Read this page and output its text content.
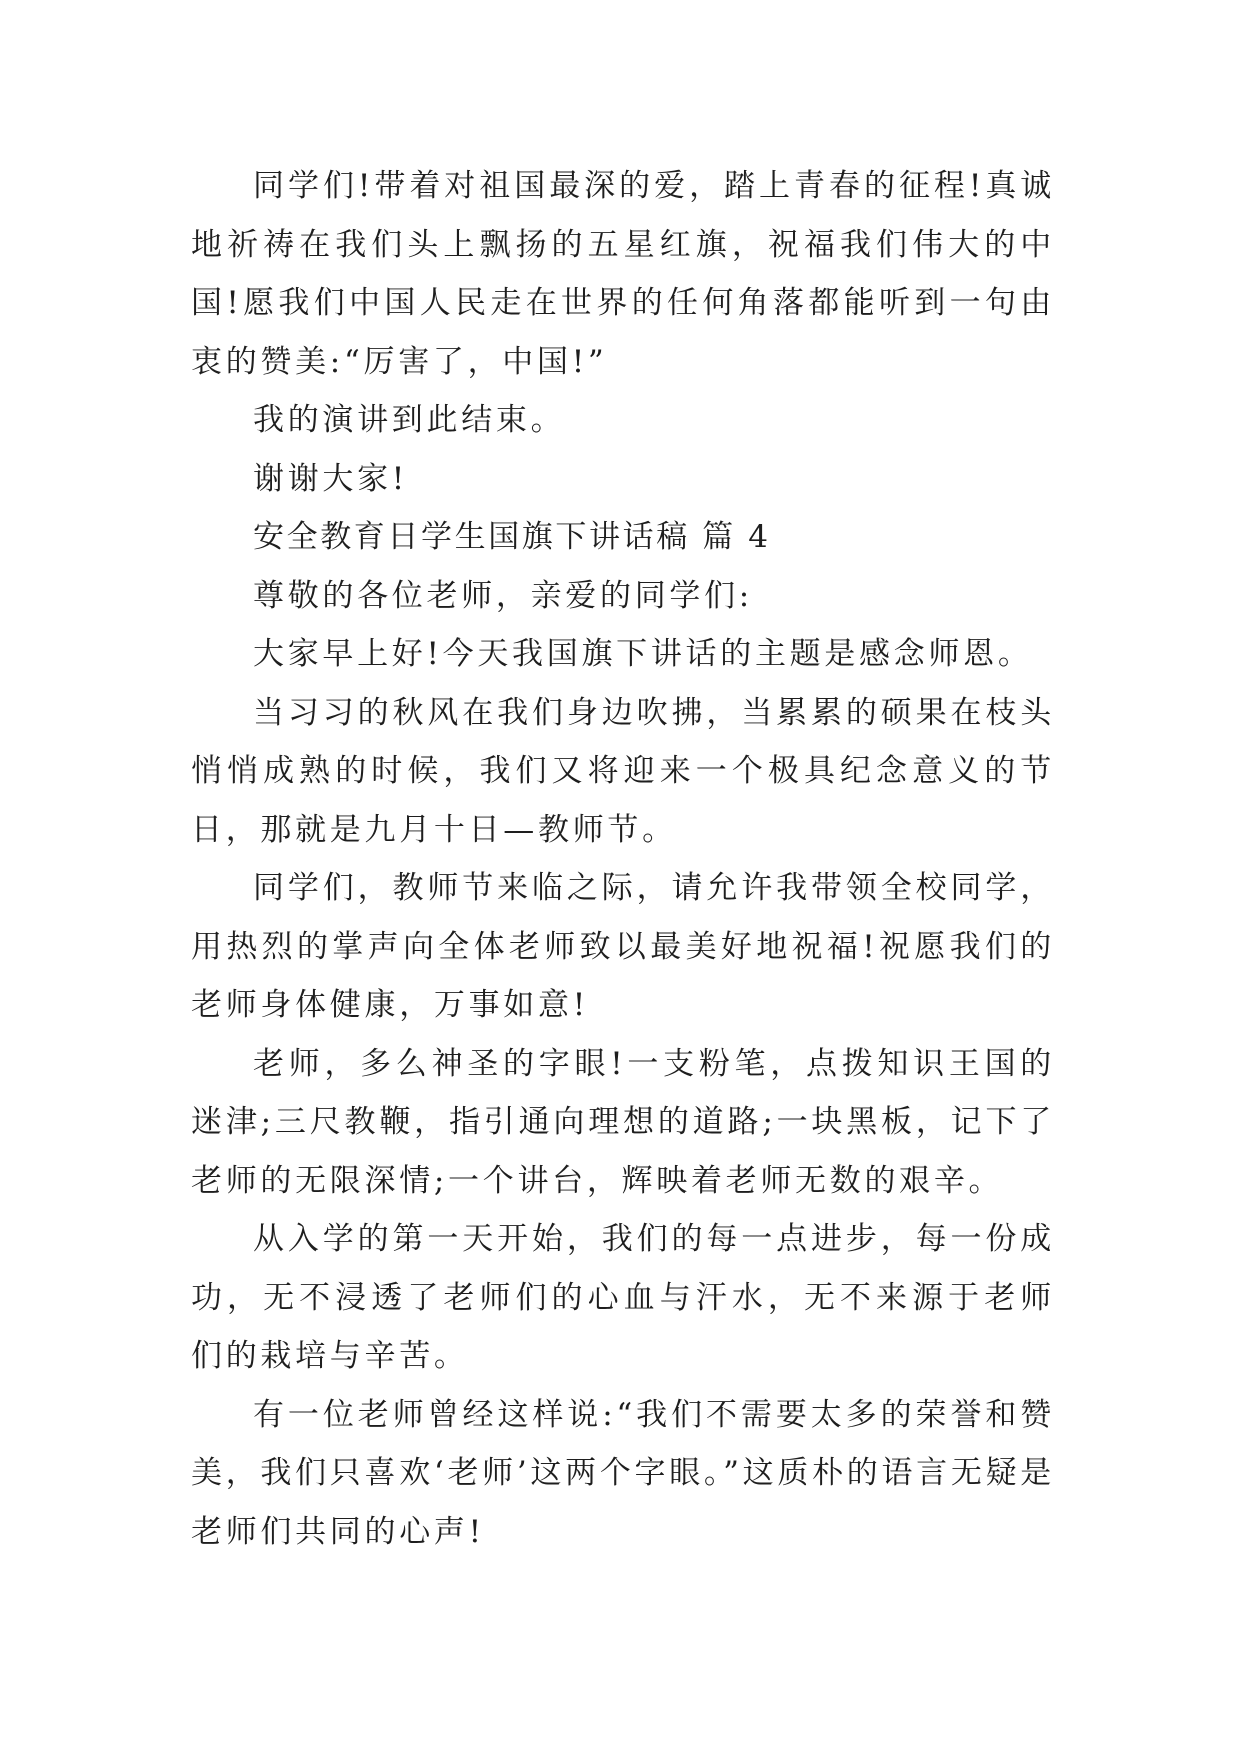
同学们!带着对祖国最深的爱，踏上青春的征程!真诚地祈祷在我们头上飘扬的五星红旗，祝福我们伟大的中国!愿我们中国人民走在世界的任何角落都能听到一句由衷的赞美:“厉害了，中国!”

我的演讲到此结束。

谢谢大家!

安全教育日学生国旗下讲话稿 篇 4

尊敬的各位老师，亲爱的同学们:

大家早上好!今天我国旗下讲话的主题是感念师恩。

当习习的秋风在我们身边吹拂，当累累的硕果在枝头悄悄成熟的时候，我们又将迎来一个极具纪念意义的节日，那就是九月十日—教师节。

同学们，教师节来临之际，请允许我带领全校同学，用热烈的掌声向全体老师致以最美好地祝福!祝愿我们的老师身体健康，万事如意!

老师，多么神圣的字眼!一支粉笔，点拨知识王国的迷津;三尺教鞭，指引通向理想的道路;一块黑板，记下了老师的无限深情;一个讲台，辉映着老师无数的艰辛。

从入学的第一天开始，我们的每一点进步，每一份成功，无不浸透了老师们的心血与汗水，无不来源于老师们的栽培与辛苦。

有一位老师曾经这样说:“我们不需要太多的荣誉和赞美，我们只喜欢‘老师’这两个字眼。”这质朴的语言无疑是老师们共同的心声!
